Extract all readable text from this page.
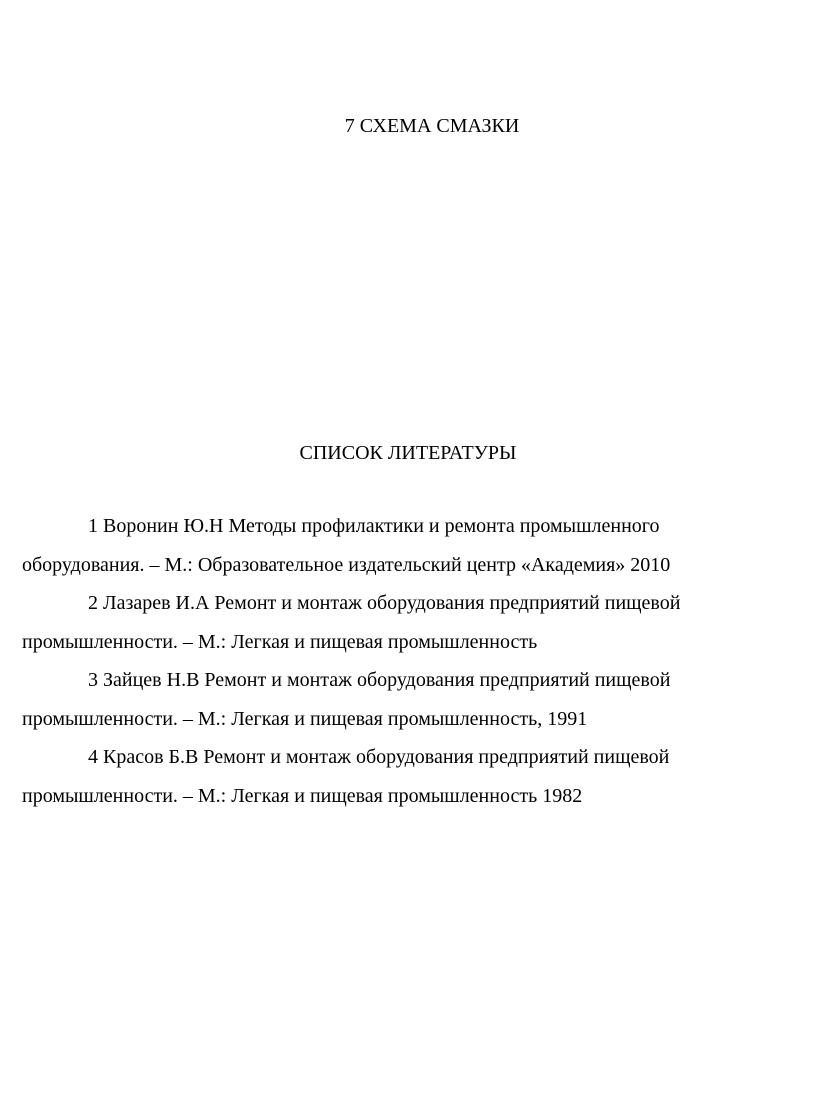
7 СХЕМА СМАЗКИ
СПИСОК ЛИТЕРАТУРЫ
1 Воронин Ю.Н Методы профилактики и ремонта промышленного
оборудования. – М.: Образовательное издательский центр «Академия» 2010
2 Лазарев И.А Ремонт и монтаж оборудования предприятий пищевой
промышленности. – М.: Легкая и пищевая промышленность
3 Зайцев Н.В Ремонт и монтаж оборудования предприятий пищевой
промышленности. – М.: Легкая и пищевая промышленность, 1991
4 Красов Б.В Ремонт и монтаж оборудования предприятий пищевой
промышленности. – М.: Легкая и пищевая промышленность 1982
